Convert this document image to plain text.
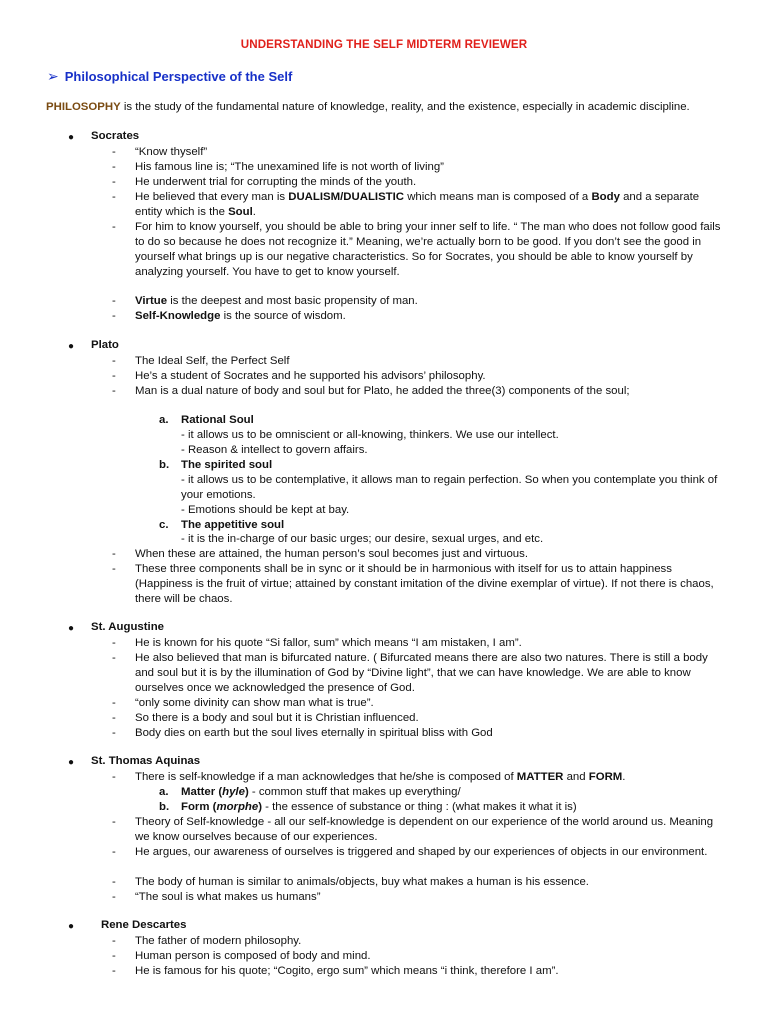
UNDERSTANDING THE SELF MIDTERM REVIEWER
➢ Philosophical Perspective of the Self
PHILOSOPHY is the study of the fundamental nature of knowledge, reality, and the existence, especially in academic discipline.
● Socrates
- “Know thyself”
- His famous line is; “The unexamined life is not worth of living”
- He underwent trial for corrupting the minds of the youth.
- He believed that every man is DUALISM/DUALISTIC which means man is composed of a Body and a separate entity which is the Soul.
- For him to know yourself, you should be able to bring your inner self to life. “ The man who does not follow good fails to do so because he does not recognize it.” Meaning, we’re actually born to be good. If you don’t see the good in yourself what brings up is our negative characteristics. So for Socrates, you should be able to know yourself by analyzing yourself. You have to get to know yourself.
- Virtue is the deepest and most basic propensity of man.
- Self-Knowledge is the source of wisdom.
● Plato
- The Ideal Self, the Perfect Self
- He’s a student of Socrates and he supported his advisors’ philosophy.
- Man is a dual nature of body and soul but for Plato, he added the three(3) components of the soul;
a. Rational Soul
- it allows us to be omniscient or all-knowing, thinkers. We use our intellect.
- Reason & intellect to govern affairs.
b. The spirited soul
- it allows us to be contemplative, it allows man to regain perfection. So when you contemplate you think of your emotions.
- Emotions should be kept at bay.
c. The appetitive soul
- it is the in-charge of our basic urges; our desire, sexual urges, and etc.
- When these are attained, the human person’s soul becomes just and virtuous.
- These three components shall be in sync or it should be in harmonious with itself for us to attain happiness (Happiness is the fruit of virtue; attained by constant imitation of the divine exemplar of virtue). If not there is chaos, there will be chaos.
● St. Augustine
- He is known for his quote “Si fallor, sum” which means “I am mistaken, I am”.
- He also believed that man is bifurcated nature. ( Bifurcated means there are also two natures. There is still a body and soul but it is by the illumination of God by “Divine light”, that we can have knowledge. We are able to know ourselves once we acknowledged the presence of God.
- “only some divinity can show man what is true”.
- So there is a body and soul but it is Christian influenced.
- Body dies on earth but the soul lives eternally in spiritual bliss with God
● St. Thomas Aquinas
- There is self-knowledge if a man acknowledges that he/she is composed of MATTER and FORM.
a. Matter (hyle) - common stuff that makes up everything/
b. Form (morphe) - the essence of substance or thing : (what makes it what it is)
- Theory of Self-knowledge - all our self-knowledge is dependent on our experience of the world around us. Meaning we know ourselves because of our experiences.
- He argues, our awareness of ourselves is triggered and shaped by our experiences of objects in our environment.
- The body of human is similar to animals/objects, buy what makes a human is his essence.
- “The soul is what makes us humans”
● Rene Descartes
- The father of modern philosophy.
- Human person is composed of body and mind.
- He is famous for his quote; “Cogito, ergo sum” which means “i think, therefore I am”.
